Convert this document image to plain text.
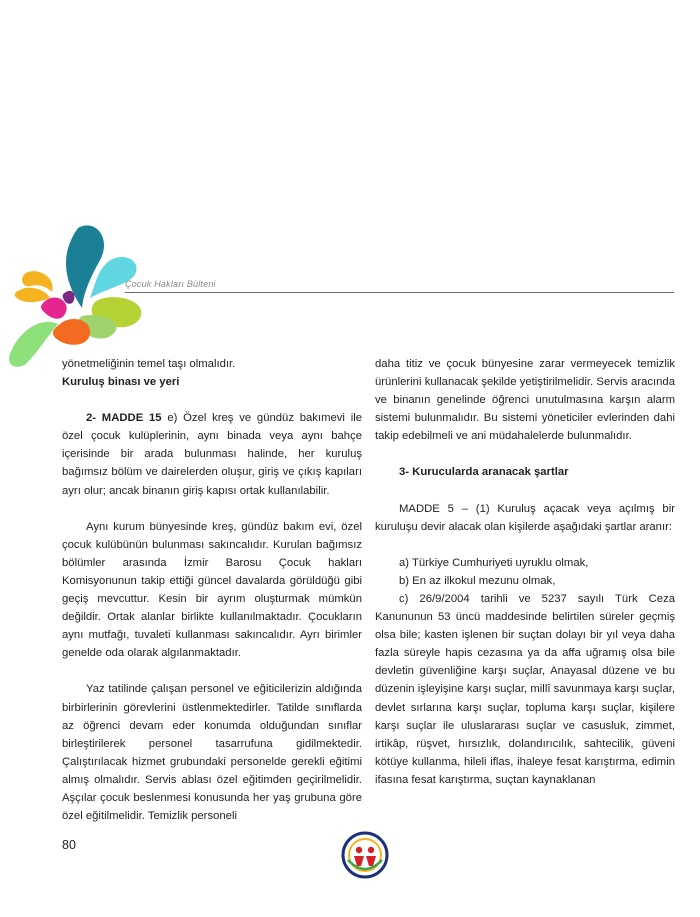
Çocuk Hakları Bülteni

yönetmeliğinin temel taşı olmalıdır.

Kuruluş binası ve yeri

2- MADDE 15 e) Özel kreş ve gündüz bakımevi ile özel çocuk kulüplerinin, aynı binada veya aynı bahçe içerisinde bir arada bulunması halinde, her kuruluş bağımsız bölüm ve dairelerden oluşur, giriş ve çıkış kapıları ayrı olur; ancak binanın giriş kapısı ortak kullanılabilir.

Aynı kurum bünyesinde kreş, gündüz bakım evi, özel çocuk kulübünün bulunması sakıncalıdır. Kurulan bağımsız bölümler arasında İzmir Barosu Çocuk hakları Komisyonunun takip ettiği güncel davalarda görüldüğü gibi geçiş mevcuttur. Kesin bir ayrım oluşturmak mümkün değildir. Ortak alanlar birlikte kullanılmaktadır. Çocukların aynı mutfağı, tuvaleti kullanması sakıncalıdır. Ayrı birimler genelde oda olarak algılanmaktadır.

Yaz tatilinde çalışan personel ve eğiticilerizin aldığında birbirlerinin görevlerini üstlenmektedirler. Tatilde sınıflarda az öğrenci devam eder konumda olduğundan sınıflar birleştirilerek personel tasarrufuna gidilmektedir. Çalıştırılacak hizmet grubundaki personelde gerekli eğitimi almış olmalıdır. Servis ablası özel eğitimden geçirilmelidir. Aşçılar çocuk beslenmesi konusunda her yaş grubuna göre özel eğitilmelidir. Temizlik personeli

daha titiz ve çocuk bünyesine zarar vermeyecek temizlik ürünlerini kullanacak şekilde yetiştirilmelidir. Servis aracında ve binanın genelinde öğrenci unutulmasına karşın alarm sistemi bulunmalıdır. Bu sistemi yöneticiler evlerinden dahi takip edebilmeli ve ani müdahalelerde bulunmalıdır.

3- Kurucularda aranacak şartlar

MADDE 5 – (1) Kuruluş açacak veya açılmış bir kuruluşu devir alacak olan kişilerde aşağıdaki şartlar aranır:

a) Türkiye Cumhuriyeti uyruklu olmak,

b) En az ilkokul mezunu olmak,

c) 26/9/2004 tarihli ve 5237 sayılı Türk Ceza Kanununun 53 üncü maddesinde belirtilen süreler geçmiş olsa bile; kasten işlenen bir suçtan dolayı bir yıl veya daha fazla süreyle hapis cezasına ya da affa uğramış olsa bile devletin güvenliğine karşı suçlar, Anayasal düzene ve bu düzenin işleyişine karşı suçlar, millî savunmaya karşı suçlar, devlet sırlarına karşı suçlar, topluma karşı suçlar, kişilere karşı suçlar ile uluslararası suçlar ve casusluk, zimmet, irtikâp, rüşvet, hırsızlık, dolandırıcılık, sahtecilik, güveni kötüye kullanma, hileli iflas, ihaleye fesat karıştırma, edimin ifasına fesat karıştırma, suçtan kaynaklanan

80
